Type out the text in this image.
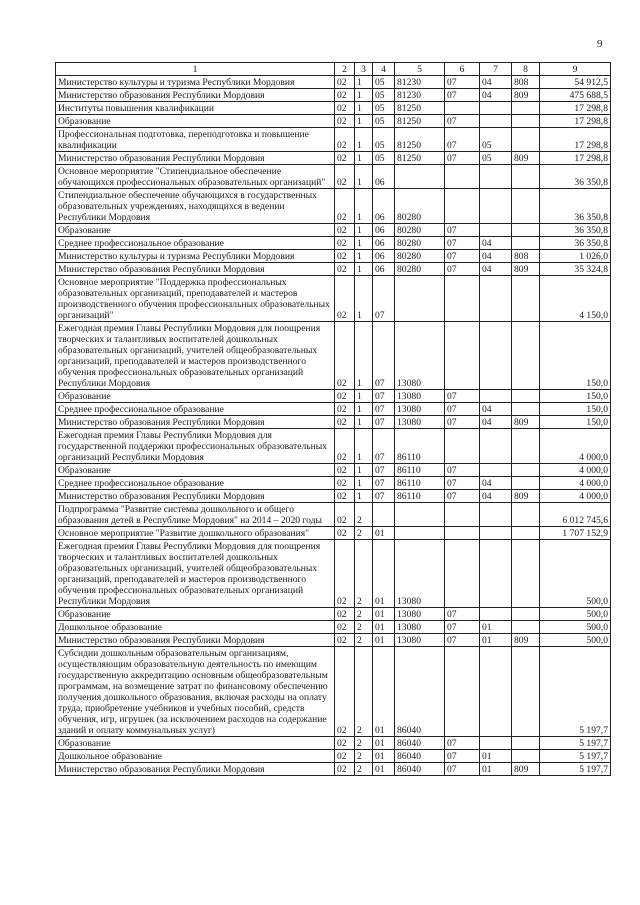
9
1	2	3	4	5	6	7	8	9
Министерство культуры и туризма Республики Мордовия	02	1	05	81230	07	04	808	54 912,5
Министерство образования Республики Мордовия	02	1	05	81230	07	04	809	475 688,5
Институты повышения квалификации	02	1	05	81250				17 298,8
Образование	02	1	05	81250	07			17 298,8
Профессиональная подготовка, переподготовка и повышение квалификации	02	1	05	81250	07	05		17 298,8
Министерство образования Республики Мордовия	02	1	05	81250	07	05	809	17 298,8
Основное мероприятие "Стипендиальное обеспечение обучающихся профессиональных образовательных организаций"	02	1	06					36 350,8
Стипендиальное обеспечение обучающихся в государственных образовательных учреждениях, находящихся в ведении Республики Мордовия	02	1	06	80280				36 350,8
Образование	02	1	06	80280	07			36 350,8
Среднее профессиональное образование	02	1	06	80280	07	04		36 350,8
Министерство культуры и туризма Республики Мордовия	02	1	06	80280	07	04	808	1 026,0
Министерство образования Республики Мордовия	02	1	06	80280	07	04	809	35 324,8
Основное мероприятие "Поддержка профессиональных образовательных организаций, преподавателей и мастеров производственного обучения профессиональных образовательных организаций"	02	1	07					4 150,0
Ежегодная премия Главы Республики Мордовия для поощрения творческих и талантливых воспитателей дошкольных образовательных организаций, учителей общеобразовательных организаций, преподавателей и мастеров производственного обучения профессиональных образовательных организаций Республики Мордовия	02	1	07	13080				150,0
Образование	02	1	07	13080	07			150,0
Среднее профессиональное образование	02	1	07	13080	07	04		150,0
Министерство образования Республики Мордовия	02	1	07	13080	07	04	809	150,0
Ежегодная премия Главы Республики Мордовия для государственной поддержки профессиональных образовательных организаций Республики Мордовия	02	1	07	86110				4 000,0
Образование	02	1	07	86110	07			4 000,0
Среднее профессиональное образование	02	1	07	86110	07	04		4 000,0
Министерство образования Республики Мордовия	02	1	07	86110	07	04	809	4 000,0
Подпрограмма "Развитие системы дошкольного и общего образования детей в Республике Мордовия" на 2014 – 2020 годы	02	2						6 012 745,6
Основное мероприятие "Развитие дошкольного образования"	02	2	01					1 707 152,9
Ежегодная премия Главы Республики Мордовия для поощрения творческих и талантливых воспитателей дошкольных образовательных организаций, учителей общеобразовательных организаций, преподавателей и мастеров производственного обучения профессиональных образовательных организаций Республики Мордовия	02	2	01	13080				500,0
Образование	02	2	01	13080	07			500,0
Дошкольное образование	02	2	01	13080	07	01		500,0
Министерство образования Республики Мордовия	02	2	01	13080	07	01	809	500,0
Субсидии дошкольным образовательным организациям, осуществляющим образовательную деятельность по имеющим государственную аккредитацию основным общеобразовательным программам, на возмещение затрат по финансовому обеспечению получения дошкольного образования, включая расходы на оплату труда, приобретение учебников и учебных пособий, средств обучения, игр, игрушек (за исключением расходов на содержание зданий и оплату коммунальных услуг)	02	2	01	86040				5 197,7
Образование	02	2	01	86040	07			5 197,7
Дошкольное образование	02	2	01	86040	07	01		5 197,7
Министерство образования Республики Мордовия	02	2	01	86040	07	01	809	5 197,7
